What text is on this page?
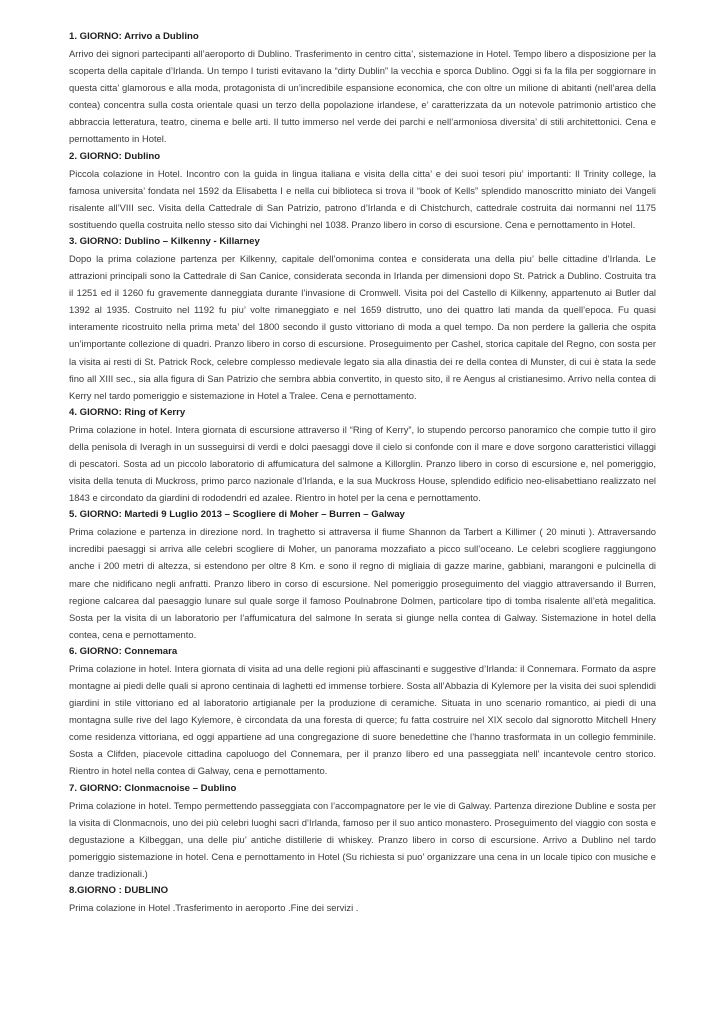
1. GIORNO: Arrivo a Dublino

Arrivo dei signori partecipanti all’aeroporto di Dublino. Trasferimento in centro citta’, sistemazione in Hotel. Tempo libero a disposizione per la scoperta della capitale d’Irlanda. Un tempo I turisti evitavano la “dirty Dublin” la vecchia e sporca Dublino. Oggi si fa la fila per soggiornare in questa citta’ glamorous e alla moda, protagonista di un’incredibile espansione economica, che con oltre un milione di abitanti (nell’area della contea) concentra sulla costa orientale quasi un terzo della popolazione irlandese, e’ caratterizzata da un notevole patrimonio artistico che abbraccia letteratura, teatro, cinema e belle arti. Il tutto immerso nel verde dei parchi e nell’armoniosa diversita’ di stili architettonici. Cena e pernottamento in Hotel.

2. GIORNO: Dublino

Piccola colazione in Hotel. Incontro con la guida in lingua italiana e visita della citta’ e dei suoi tesori piu’ importanti: Il Trinity college, la famosa universita’ fondata nel 1592 da Elisabetta I e nella cui biblioteca si trova il “book of Kells” splendido manoscritto miniato dei Vangeli risalente all’VIII sec. Visita della Cattedrale di San Patrizio, patrono d’Irlanda e di Chistchurch, cattedrale costruita dai normanni nel 1175 sostituendo quella costruita nello stesso sito dai Vichinghi nel 1038. Pranzo libero in corso di escursione. Cena e pernottamento in Hotel.

3. GIORNO: Dublino – Kilkenny - Killarney

Dopo la prima colazione partenza per Kilkenny, capitale dell’omonima contea e considerata una della piu’ belle cittadine d’Irlanda. Le attrazioni principali sono la Cattedrale di San Canice, considerata seconda in Irlanda per dimensioni dopo St. Patrick a Dublino. Costruita tra il 1251 ed il 1260 fu gravemente danneggiata durante l’invasione di Cromwell. Visita poi del Castello di Kilkenny, appartenuto ai Butler dal 1392 al 1935. Costruito nel 1192 fu piu’ volte rimaneggiato e nel 1659 distrutto, uno dei quattro lati manda da quell’epoca. Fu quasi interamente ricostruito nella prima meta’ del 1800 secondo il gusto vittoriano di moda a quel tempo. Da non perdere la galleria che ospita un’importante collezione di quadri. Pranzo libero in corso di escursione. Proseguimento per Cashel, storica capitale del Regno, con sosta per la visita ai resti di St. Patrick Rock, celebre complesso medievale legato sia alla dinastia dei re della contea di Munster, di cui è stata la sede fino all XIII sec., sia alla figura di San Patrizio che sembra abbia convertito, in questo sito, il re Aengus al cristianesimo. Arrivo nella contea di Kerry nel tardo pomeriggio e sistemazione in Hotel a Tralee. Cena e pernottamento.

4. GIORNO: Ring of Kerry

Prima colazione in hotel. Intera giornata di escursione attraverso il “Ring of Kerry”, lo stupendo percorso panoramico che compie tutto il giro della penisola di Iveragh in un susseguirsi di verdi e dolci paesaggi dove il cielo si confonde con il mare e dove sorgono caratteristici villaggi di pescatori. Sosta ad un piccolo laboratorio di affumicatura del salmone a Killorglin. Pranzo libero in corso di escursione e, nel pomeriggio, visita della tenuta di Muckross, primo parco nazionale d’Irlanda, e la sua Muckross House, splendido edificio neo-elisabettiano realizzato nel 1843 e circondato da giardini di rododendri ed azalee. Rientro in hotel per la cena e pernottamento.

5. GIORNO: Martedi 9 Luglio 2013 – Scogliere di Moher – Burren – Galway

Prima colazione e partenza in direzione nord. In traghetto si attraversa il fiume Shannon da Tarbert a Killimer ( 20 minuti ). Attraversando incredibi paesaggi si arriva alle celebri scogliere di Moher, un panorama mozzafiato a picco sull’oceano. Le celebri scogliere raggiungono anche i 200 metri di altezza, si estendono per oltre 8 Km. e sono il regno di migliaia di gazze marine, gabbiani, marangoni e pulcinella di mare che nidificano negli anfratti. Pranzo libero in corso di escursione. Nel pomeriggio proseguimento del viaggio attraversando il Burren, regione calcarea dal paesaggio lunare sul quale sorge il famoso Poulnabrone Dolmen, particolare tipo di tomba risalente all’età megalitica. Sosta per la visita di un laboratorio per l’affumicatura del salmone In serata si giunge nella contea di Galway. Sistemazione in hotel della contea, cena e pernottamento.

6. GIORNO: Connemara

Prima colazione in hotel. Intera giornata di visita ad una delle regioni più affascinanti e suggestive d’Irlanda: il Connemara. Formato da aspre montagne ai piedi delle quali si aprono centinaia di laghetti ed immense torbiere. Sosta all’Abbazia di Kylemore per la visita dei suoi splendidi giardini in stile vittoriano ed al laboratorio artigianale per la produzione di ceramiche. Situata in uno scenario romantico, ai piedi di una montagna sulle rive del lago Kylemore, è circondata da una foresta di querce; fu fatta costruire nel XIX secolo dal signorotto Mitchell Hnery come residenza vittoriana, ed oggi appartiene ad una congregazione di suore benedettine che l’hanno trasformata in un collegio femminile. Sosta a Clifden, piacevole cittadina capoluogo del Connemara, per il pranzo libero ed una passeggiata nell’ incantevole centro storico. Rientro in hotel nella contea di Galway, cena e pernottamento.

7. GIORNO: Clonmacnoise – Dublino

Prima colazione in hotel. Tempo permettendo passeggiata con l’accompagnatore per le vie di Galway. Partenza direzione Dubline e sosta per la visita di Clonmacnois, uno dei più celebri luoghi sacri d’Irlanda, famoso per il suo antico monastero. Proseguimento del viaggio con sosta e degustazione a Kilbeggan, una delle piu’ antiche distillerie di whiskey. Pranzo libero in corso di escursione. Arrivo a Dublino nel tardo pomeriggio sistemazione in hotel. Cena e pernottamento in Hotel (Su richiesta si puo’ organizzare una cena in un locale tipico con musiche e danze tradizionali.)

8.GIORNO : DUBLINO

Prima colazione in Hotel .Trasferimento in aeroporto .Fine dei servizi .
